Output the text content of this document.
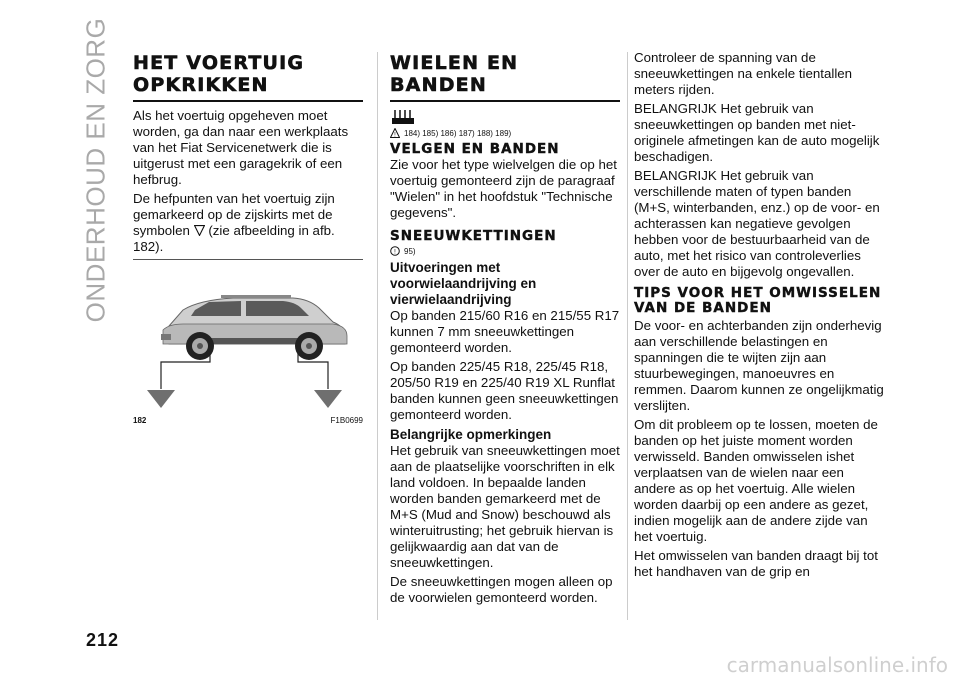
ONDERHOUD EN ZORG
212
HET VOERTUIG OPKRIKKEN

Als het voertuig opgeheven moet worden, ga dan naar een werkplaats van het Fiat Servicenetwerk die is uitgerust met een garagekrik of een hefbrug.

De hefpunten van het voertuig zijn gemarkeerd op de zijskirts met de symbolen (zie afbeelding in afb. 182).

182	F1B0699
WIELEN EN BANDEN
! 184) 185) 186) 187) 188) 189)
VELGEN EN BANDEN

Zie voor het type wielvelgen die op het voertuig gemonteerd zijn de paragraaf "Wielen" in het hoofdstuk "Technische gegevens".

SNEEUWKETTINGEN
! 95)
Uitvoeringen met voorwielaandrijving en vierwielaandrijving

Op banden 215/60 R16 en 215/55 R17 kunnen 7 mm sneeuwkettingen gemonteerd worden.

Op banden 225/45 R18, 225/45 R18, 205/50 R19 en 225/40 R19 XL Runflat banden kunnen geen sneeuwkettingen gemonteerd worden.

Belangrijke opmerkingen

Het gebruik van sneeuwkettingen moet aan de plaatselijke voorschriften in elk land voldoen. In bepaalde landen worden banden gemarkeerd met de M+S (Mud and Snow) beschouwd als winteruitrusting; het gebruik hiervan is gelijkwaardig aan dat van de sneeuwkettingen.

De sneeuwkettingen mogen alleen op de voorwielen gemonteerd worden.

Controleer de spanning van de sneeuwkettingen na enkele tientallen meters rijden.

BELANGRIJK Het gebruik van sneeuwkettingen op banden met niet-originele afmetingen kan de auto mogelijk beschadigen.

BELANGRIJK Het gebruik van verschillende maten of typen banden (M+S, winterbanden, enz.) op de voor- en achterassen kan negatieve gevolgen hebben voor de bestuurbaarheid van de auto, met het risico van controleverlies over de auto en bijgevolg ongevallen.

TIPS VOOR HET OMWISSELEN VAN DE BANDEN

De voor- en achterbanden zijn onderhevig aan verschillende belastingen en spanningen die te wijten zijn aan stuurbewegingen, manoeuvres en remmen. Daarom kunnen ze ongelijkmatig verslijten.

Om dit probleem op te lossen, moeten de banden op het juiste moment worden verwisseld. Banden omwisselen ishet verplaatsen van de wielen naar een andere as op het voertuig. Alle wielen worden daarbij op een andere as gezet, indien mogelijk aan de andere zijde van het voertuig.

Het omwisselen van banden draagt bij tot het handhaven van de grip en

carmanualsonline.info
